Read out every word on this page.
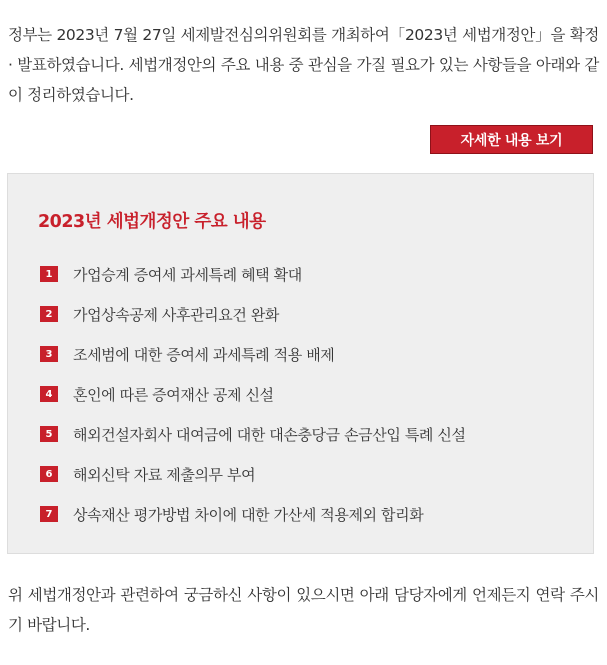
정부는 2023년 7월 27일 세제발전심의위원회를 개최하여「2023년 세법개정안」을 확정 · 발표하였습니다. 세법개정안의 주요 내용 중 관심을 가질 필요가 있는 사항들을 아래와 같이 정리하였습니다.

자세한 내용 보기
2023년 세법개정안 주요 내용
1	가업승계 증여세 과세특례 혜택 확대
2	가업상속공제 사후관리요건 완화
3	조세범에 대한 증여세 과세특례 적용 배제
4	혼인에 따른 증여재산 공제 신설
5	해외건설자회사 대여금에 대한 대손충당금 손금산입 특례 신설
6	해외신탁 자료 제출의무 부여
7	상속재산 평가방법 차이에 대한 가산세 적용제외 합리화

위 세법개정안과 관련하여 궁금하신 사항이 있으시면 아래 담당자에게 언제든지 연락 주시기 바랍니다.
